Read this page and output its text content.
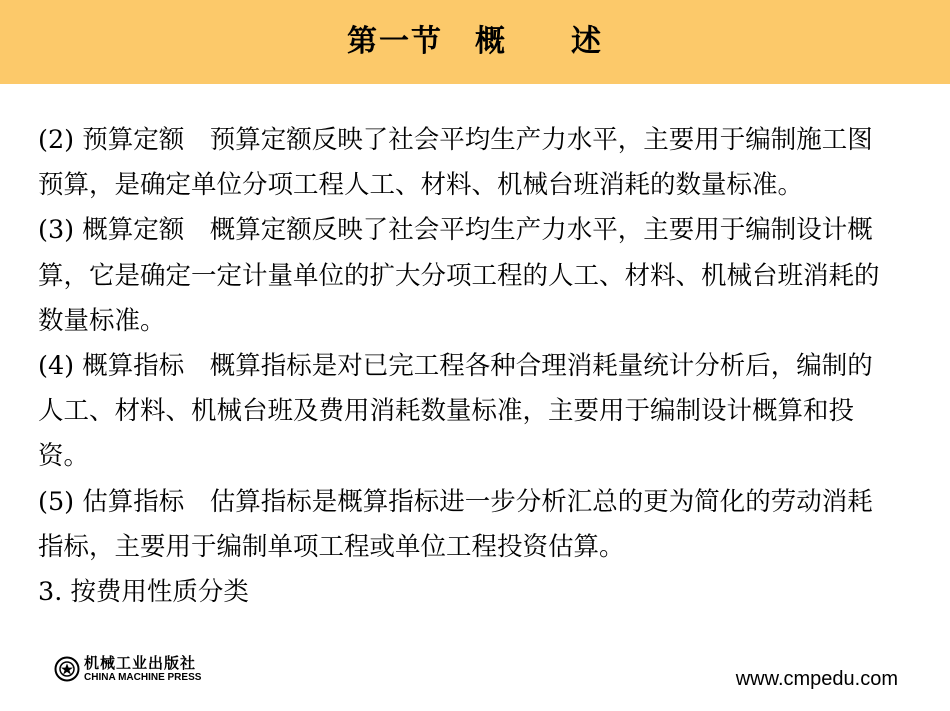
第一节　概　　述

(2) 预算定额　预算定额反映了社会平均生产力水平，主要用于编制施工图预算，是确定单位分项工程人工、材料、机械台班消耗的数量标准。

(3) 概算定额　概算定额反映了社会平均生产力水平，主要用于编制设计概算，它是确定一定计量单位的扩大分项工程的人工、材料、机械台班消耗的数量标准。

(4) 概算指标　概算指标是对已完工程各种合理消耗量统计分析后，编制的人工、材料、机械台班及费用消耗数量标准，主要用于编制设计概算和投资。

(5) 估算指标　估算指标是概算指标进一步分析汇总的更为简化的劳动消耗指标，主要用于编制单项工程或单位工程投资估算。

3. 按费用性质分类

机械工业出版社
CHINA MACHINE PRESS	www.cmpedu.com
